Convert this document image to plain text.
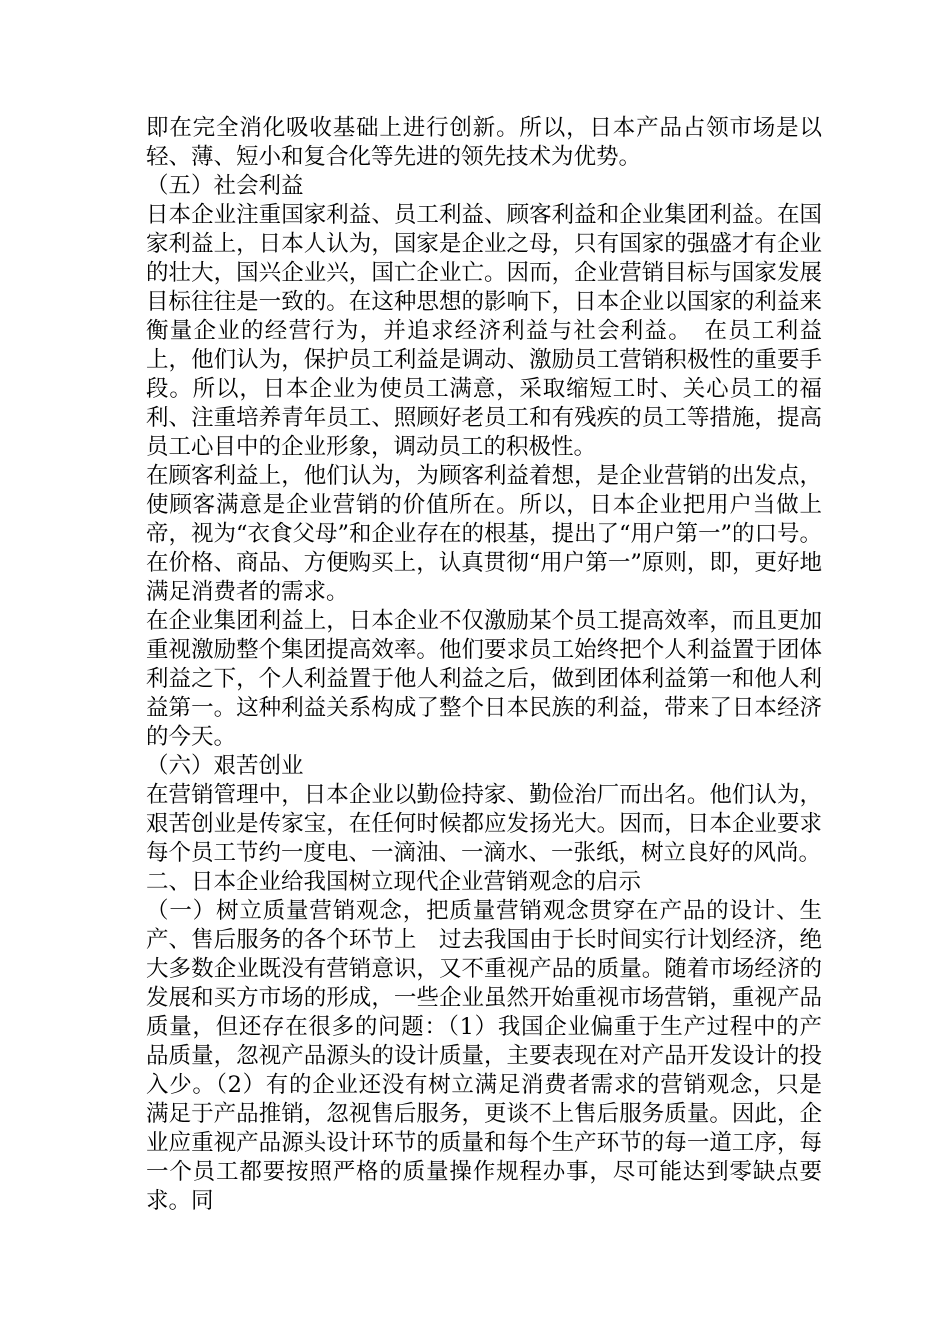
即在完全消化吸收基础上进行创新。所以，日本产品占领市场是以轻、薄、短小和复合化等先进的领先技术为优势。

（五）社会利益

日本企业注重国家利益、员工利益、顾客利益和企业集团利益。在国家利益上，日本人认为，国家是企业之母，只有国家的强盛才有企业的壮大，国兴企业兴，国亡企业亡。因而，企业营销目标与国家发展目标往往是一致的。在这种思想的影响下，日本企业以国家的利益来衡量企业的经营行为，并追求经济利益与社会利益。　在员工利益上，他们认为，保护员工利益是调动、激励员工营销积极性的重要手段。所以，日本企业为使员工满意，采取缩短工时、关心员工的福利、注重培养青年员工、照顾好老员工和有残疾的员工等措施，提高员工心目中的企业形象，调动员工的积极性。

在顾客利益上，他们认为，为顾客利益着想，是企业营销的出发点，使顾客满意是企业营销的价值所在。所以，日本企业把用户当做上帝，视为“衣食父母”和企业存在的根基，提出了“用户第一”的口号。在价格、商品、方便购买上，认真贯彻“用户第一”原则，即，更好地满足消费者的需求。

在企业集团利益上，日本企业不仅激励某个员工提高效率，而且更加重视激励整个集团提高效率。他们要求员工始终把个人利益置于团体利益之下，个人利益置于他人利益之后，做到团体利益第一和他人利益第一。这种利益关系构成了整个日本民族的利益，带来了日本经济的今天。

（六）艰苦创业

在营销管理中，日本企业以勤俭持家、勤俭治厂而出名。他们认为，艰苦创业是传家宝，在任何时候都应发扬光大。因而，日本企业要求每个员工节约一度电、一滴油、一滴水、一张纸，树立良好的风尚。

二、日本企业给我国树立现代企业营销观念的启示

（一）树立质量营销观念，把质量营销观念贯穿在产品的设计、生产、售后服务的各个环节上　过去我国由于长时间实行计划经济，绝大多数企业既没有营销意识，又不重视产品的质量。随着市场经济的发展和买方市场的形成，一些企业虽然开始重视市场营销，重视产品质量，但还存在很多的问题：（1）我国企业偏重于生产过程中的产品质量，忽视产品源头的设计质量，主要表现在对产品开发设计的投入少。（2）有的企业还没有树立满足消费者需求的营销观念，只是满足于产品推销，忽视售后服务，更谈不上售后服务质量。因此，企业应重视产品源头设计环节的质量和每个生产环节的每一道工序，每一个员工都要按照严格的质量操作规程办事，尽可能达到零缺点要求。同
